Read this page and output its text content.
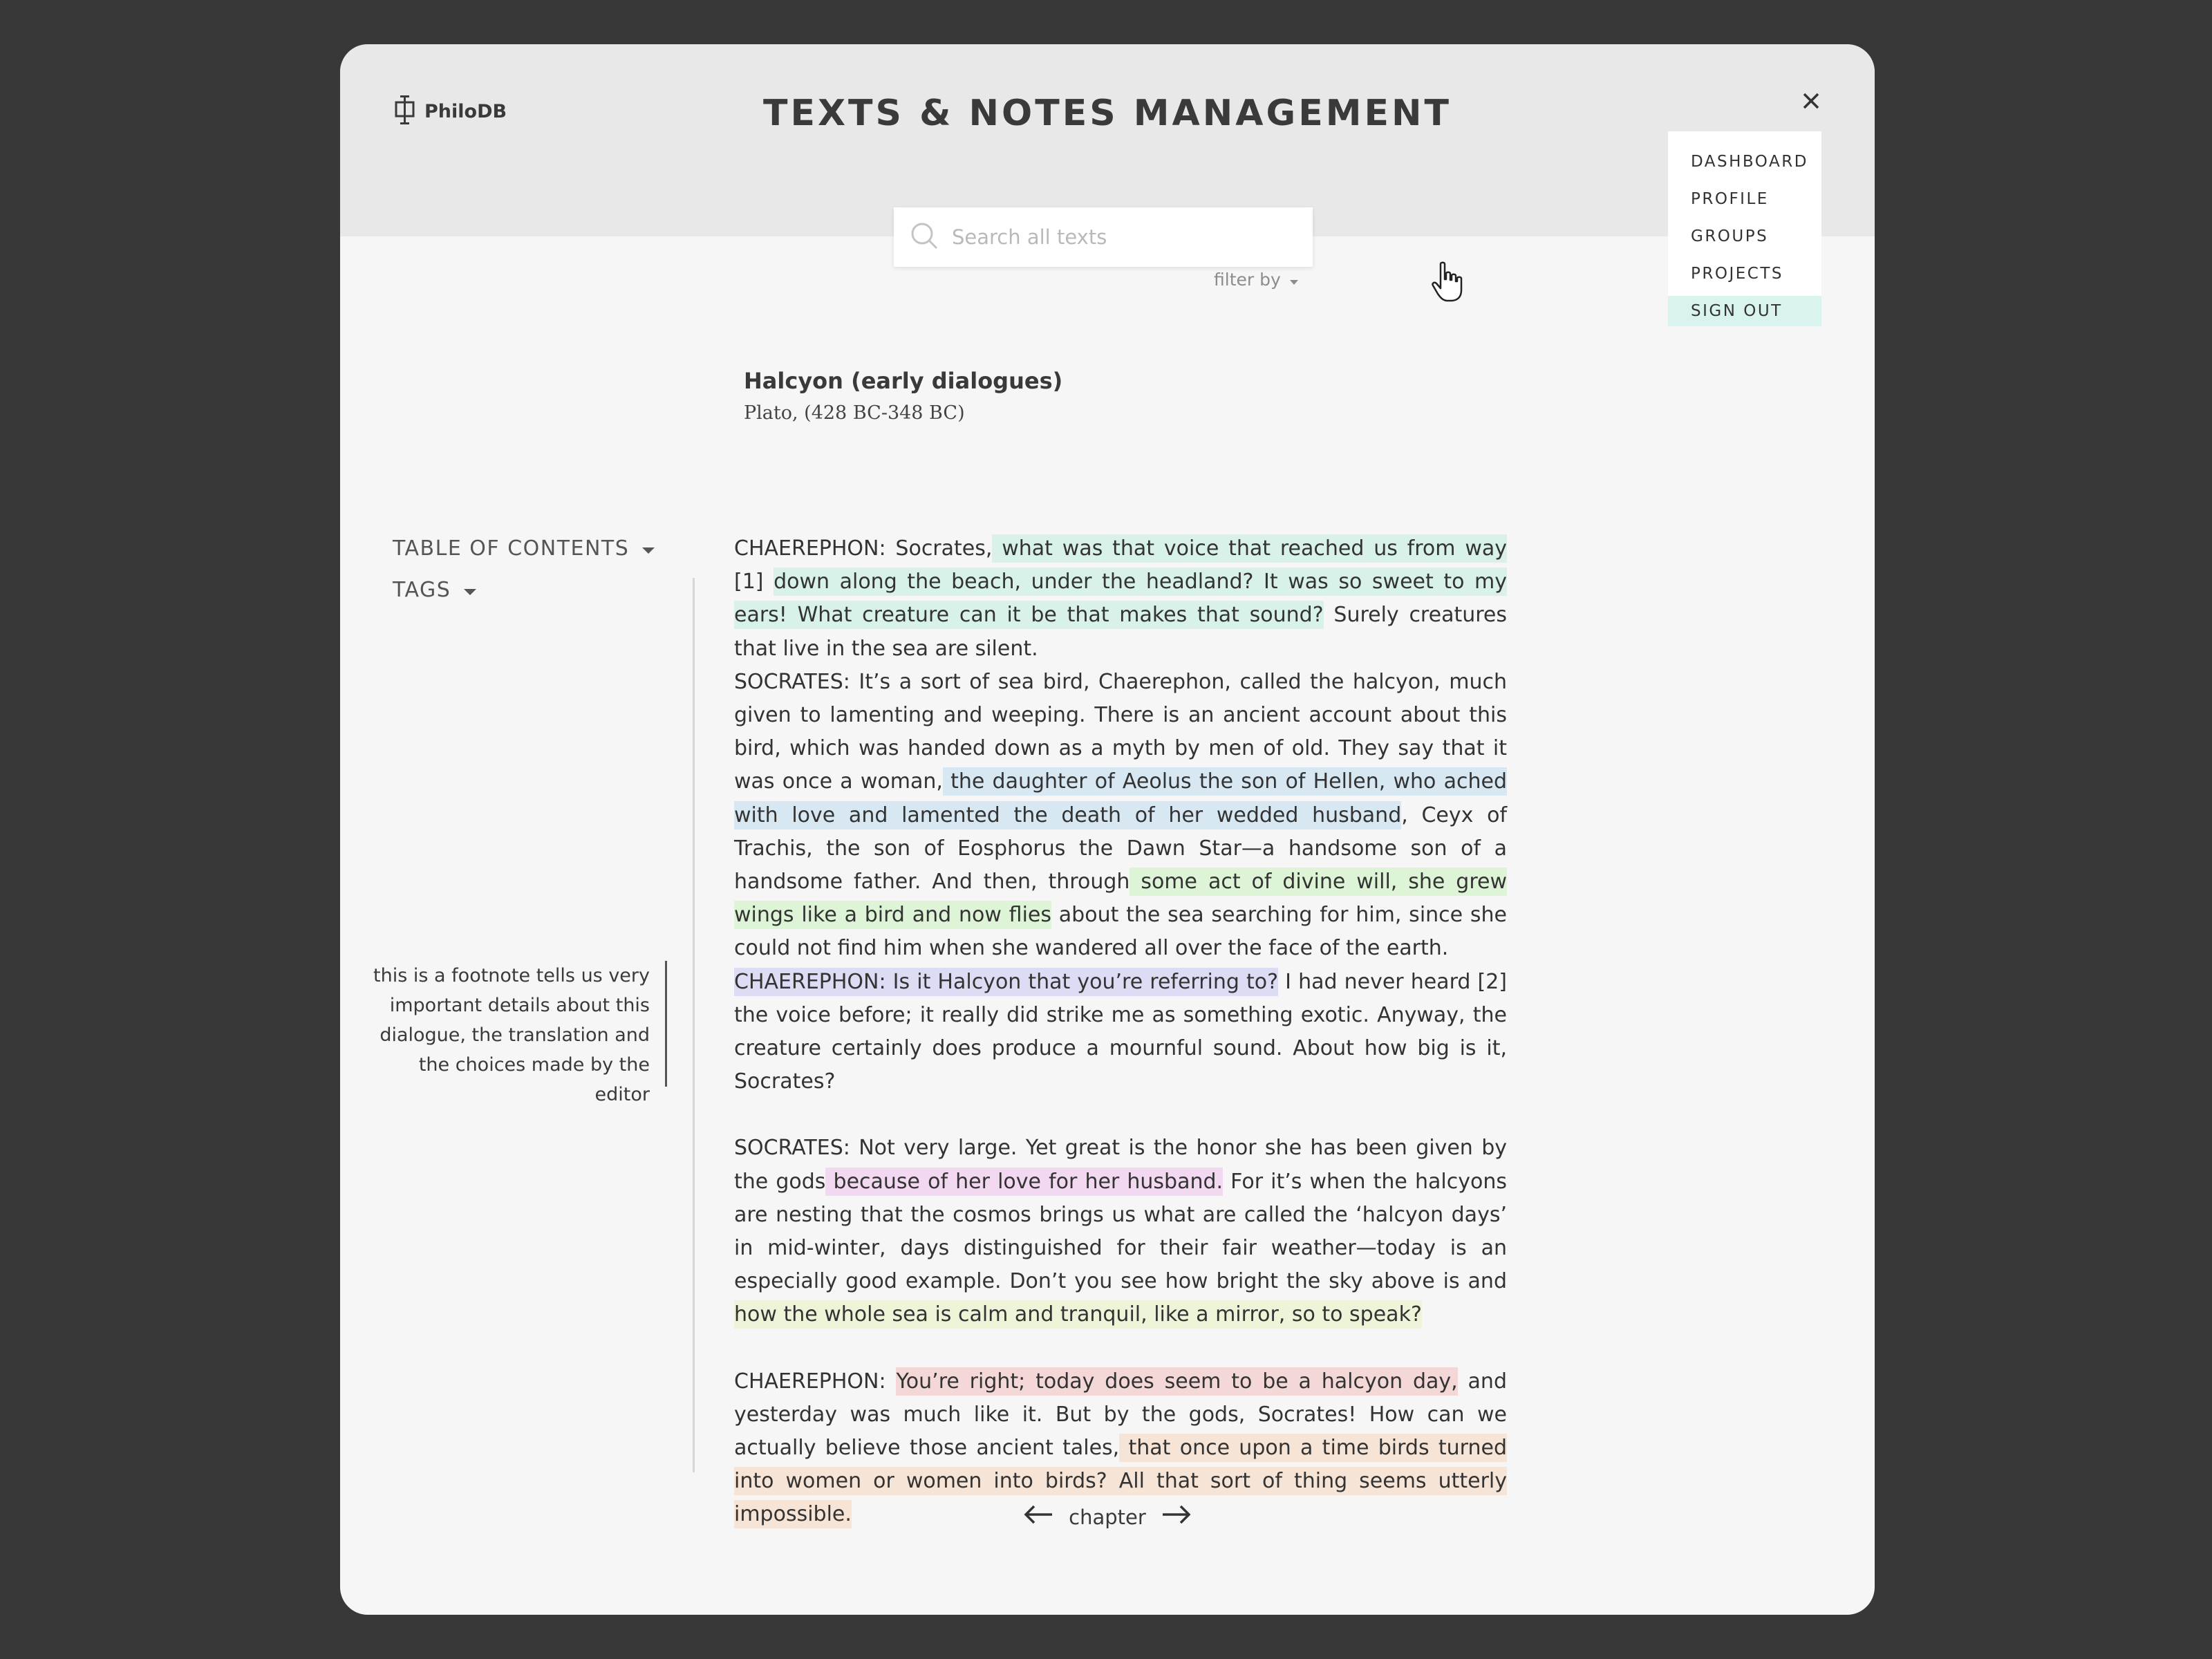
PhiloDB	TEXTS & NOTES MANAGEMENT
DASHBOARD
PROFILE
GROUPS
PROJECTS
SIGN OUT
Search all texts
filter by
Halcyon (early dialogues)
Plato, (428 BC-348 BC)
TABLE OF CONTENTS
TAGS
this is a footnote tells us very important details about this dialogue, the translation and the choices made by the editor

CHAEREPHON: Socrates, what was that voice that reached us from way [1] down along the beach, under the headland? It was so sweet to my ears! What creature can it be that makes that sound? Surely creatures that live in the sea are silent.

SOCRATES: It’s a sort of sea bird, Chaerephon, called the halcyon, much given to lamenting and weeping. There is an ancient account about this bird, which was handed down as a myth by men of old. They say that it was once a woman, the daughter of Aeolus the son of Hellen, who ached with love and lamented the death of her wedded husband, Ceyx of Trachis, the son of Eosphorus the Dawn Star—a handsome son of a handsome father. And then, through some act of divine will, she grew wings like a bird and now flies about the sea searching for him, since she could not find him when she wandered all over the face of the earth.

CHAEREPHON: Is it Halcyon that you’re referring to? I had never heard [2] the voice before; it really did strike me as something exotic. Anyway, the creature certainly does produce a mournful sound. About how big is it, Socrates?

SOCRATES: Not very large. Yet great is the honor she has been given by the gods because of her love for her husband. For it’s when the halcyons are nesting that the cosmos brings us what are called the ‘halcyon days’ in mid-winter, days distinguished for their fair weather—today is an especially good example. Don’t you see how bright the sky above is and how the whole sea is calm and tranquil, like a mirror, so to speak?

CHAEREPHON: You’re right; today does seem to be a halcyon day, and yesterday was much like it. But by the gods, Socrates! How can we actually believe those ancient tales, that once upon a time birds turned into women or women into birds? All that sort of thing seems utterly impossible.	chapter
